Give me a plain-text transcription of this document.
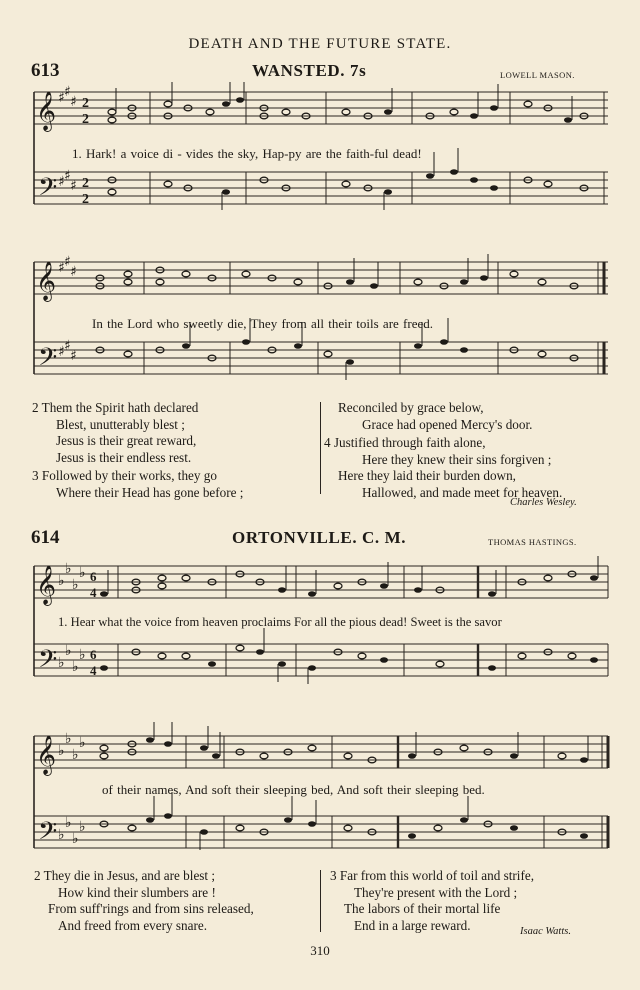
DEATH AND THE FUTURE STATE.
613	WANSTED. 7s	LOWELL MASON.
𝄞
𝄢
♯ ♯
♯
♯ ♯
♯
2
2
2
2
1. Hark! a voice di - vides the sky, Hap-py are the faith-ful dead!
𝄞
𝄢
♯ ♯
♯
♯ ♯
♯
In the Lord who sweetly die, They from all their toils are freed.
2 Them the Spirit hath declared
Blest, unutterably blest ;
Jesus is their great reward,
Jesus is their endless rest.
3 Followed by their works, they go
Where their Head has gone before ;
Reconciled by grace below,
Grace had opened Mercy's door.
4 Justified through faith alone,
Here they knew their sins forgiven ;
Here they laid their burden down,
Hallowed, and made meet for heaven.
Charles Wesley.
614	ORTONVILLE. C. M.	THOMAS HASTINGS.
𝄞
𝄢
♭
♭
♭
♭
♭
♭
♭
♭
6
4
6
4
1. Hear what the voice from heaven proclaims For all the pious dead! Sweet is the savor
𝄞
𝄢
♭
♭
♭
♭
♭
♭
♭
♭
of their names, And soft their sleeping bed, And soft their sleeping bed.
2 They die in Jesus, and are blest ;
How kind their slumbers are !
From suff'rings and from sins released,
And freed from every snare.
3 Far from this world of toil and strife,
They're present with the Lord ;
The labors of their mortal life
End in a large reward.	Isaac Watts.
310
